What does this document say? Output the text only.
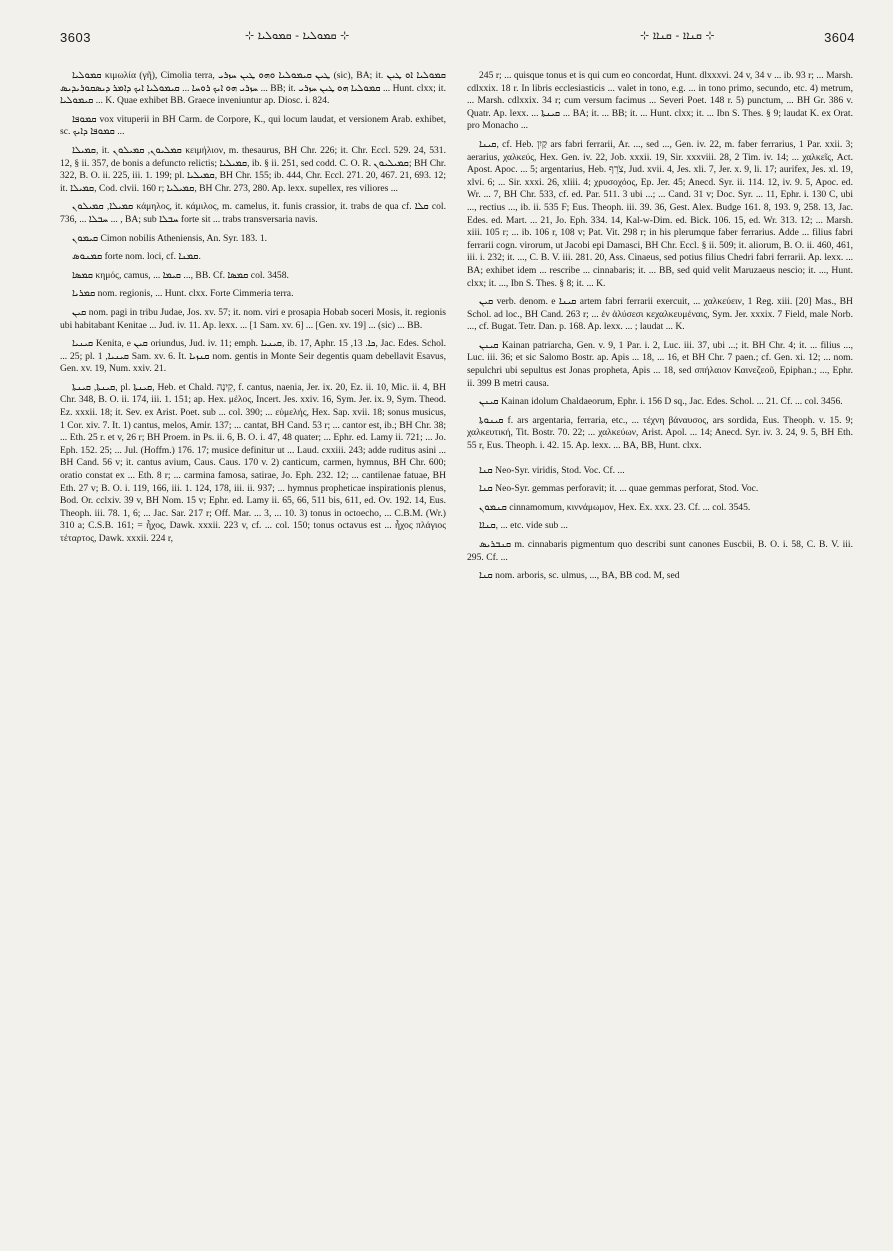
3603	⊹ ܩܡܘܠܝܐ - ܩܡܘܠܝܐ ⊹	⊹ ܩܢܐܐ - ܩܢܐܐ ⊹	3604

ܩܡܘܠܝܐ κιμωλία (γῆ), Cimolia terra, ܛܝܢ ܩܝܡܘܠܝܐ ܘܗܘ ܛܝܢ ܚܙܪܝ (sic), BA; it. ܩܡܘܠܝܐ ܐܘ ܛܝܢ ܚܙܪܝ ܗܘ ܐܝܟ ܪܘܚܐ ... ܩܝܡܘܠܝܐ ܐܝܟ ܕܐܡܪ ܕܝܣܩܘܪܝܕܝܣ ... BB; it. ܩܡܘܠܝܐ ܗܘ ܛܝܢ ܚܙܪܝ ... Hunt. clxx; it. ܩܝܡܘܠܝܐ ... K. Quae exhibet BB. Graece inveniuntur ap. Diosc. i. 824.

ܩܡܘܦܐ vox vituperii in BH Carm. de Corpore, K., qui locum laudat, et versionem Arab. exhibet, sc. ܩܡܘܦܐ ܕܐܝܟ ...

ܩܡܝܠܐ, it. ܩܡܠܝܘܢ, ܩܡܝܠܘܢ κειμήλιον, m. thesaurus, BH Chr. 226; it. Chr. Eccl. 529. 24, 531. 12, § ii. 357, de bonis a defuncto relictis; ܩܡܝܠܝܐ, ib. § ii. 251, sed codd. C. O. R. ܩܡܝܠܝܘܢ; BH Chr. 322, B. O. ii. 225, iii. 1. 199; pl. ܩܡܝܠܝܐ, BH Chr. 155; ib. 444, Chr. Eccl. 271. 20, 467. 21, 693. 12; it. ܩܡܝܠܐ, Cod. clvii. 160 r; ܩܡܝܠܝܐ, BH Chr. 273, 280. Ap. lexx. supellex, res viliores ...

ܩܡܝܠܐ, ܩܡܝܠܘܢ κάμηλος, it. κάμιλος, m. camelus, it. funis crassior, it. trabs de qua cf. ܩܠܐ col. 736, ... ܚܒܠܐ ... , BA; sub ܚܒܠܐ forte sit ... trabs transversaria navis.

ܩܝܡܘܢ Cimon nobilis Atheniensis, An. Syr. 183. 1.

ܩܡܢܘܣ forte nom. loci, cf. ܩܡܢܐ.

ܩܡܣܐ κημός, camus, ... ܩܝܡܐ ..., BB. Cf. ܩܡܣܐ col. 3458.

ܩܡܪܝܐ nom. regionis, ... Hunt. clxx. Forte Cimmeria terra.

ܩܝܢ nom. pagi in tribu Judae, Jos. xv. 57; it. nom. viri e prosapia Hobab soceri Mosis, it. regionis ubi habitabant Kenitae ... Jud. iv. 11. Ap. lexx. ... [1 Sam. xv. 6] ... [Gen. xv. 19] ... (sic) ... BB.

ܩܝܢܝܐ Kenita, e ܩܝܢ oriundus, Jud. iv. 11; emph. ܩܝܢܝܐ, ib. 17, Aphr. ܟܐ. 13, 15, Jac. Edes. Schol. ... 25; pl. ܩܝܢܝܐ, 1 Sam. xv. 6. It. ܩܢܙܝܐ nom. gentis in Monte Seir degentis quam debellavit Esavus, Gen. xv. 19, Num. xxiv. 21.

ܩܝܢܬܐ, ܩܝܢܬܐ, pl. ܩܝܢܬܐ, Heb. et Chald. קִינָה, f. cantus, naenia, Jer. ix. 20, Ez. ii. 10, Mic. ii. 4, BH Chr. 348, B. O. ii. 174, iii. 1. 151; ap. Hex. μέλος, Incert. Jes. xxiv. 16, Sym. Jer. ix. 9, Sym. Theod. Ez. xxxii. 18; it. Sev. ex Arist. Poet. sub ... col. 390; ... εὐμελής, Hex. Sap. xvii. 18; sonus musicus, 1 Cor. xiv. 7. It. 1) cantus, melos, Amir. 137; ... cantat, BH Cand. 53 r; ... cantor est, ib.; BH Chr. 38; ... Eth. 25 r. et v, 26 r; BH Proem. in Ps. ii. 6, B. O. i. 47, 48 quater; ... Ephr. ed. Lamy ii. 721; ... Jo. Eph. 152. 25; ... Jul. (Hoffm.) 176. 17; musice definitur ut ... Laud. cxxiii. 243; adde ruditus asini ... BH Cand. 56 v; it. cantus avium, Caus. Caus. 170 v. 2) canticum, carmen, hymnus, BH Chr. 600; oratio constat ex ... Eth. 8 r; ... carmina famosa, satirae, Jo. Eph. 232. 12; ... cantilenae fatuae, BH Eth. 27 v; B. O. i. 119, 166, iii. 1. 124, 178, iii. ii. 937; ... hymnus propheticae inspirationis plenus, Bod. Or. cclxiv. 39 v, BH Nom. 15 v; Ephr. ed. Lamy ii. 65, 66, 511 bis, 611, ed. Ov. 192. 14, Eus. Theoph. iii. 78. 1, 6; ... Jac. Sar. 217 r; Off. Mar. ... 3, ... 10. 3) tonus in octoecho, ... C.B.M. (Wr.) 310 a; C.S.B. 161; = ἦχος, Dawk. xxxii. 223 v, cf. ... col. 150; tonus octavus est ... ἦχος πλάγιος τέταρτος, Dawk. xxxii. 224 r,

245 r; ... quisque tonus et is qui cum eo concordat, Hunt. dlxxxvi. 24 v, 34 v ... ib. 93 r; ... Marsh. cdlxxix. 18 r. In libris ecclesiasticis ... valet in tono, e.g. ... in tono primo, secundo, etc. 4) metrum, ... Marsh. cdlxxix. 34 r; cum versum facimus ... Severi Poet. 148 r. 5) punctum, ... BH Gr. 386 v. Quatr. Ap. lexx. ... ܩܝܢܬܐ ... BA; it. ... BB; it. ... Hunt. clxx; it. ... Ibn S. Thes. § 9; laudat K. ex Orat. pro Monacho ...

ܩܝܢܐ, cf. Heb. קַיִן ars fabri ferrarii, Ar. ..., sed ..., Gen. iv. 22, m. faber ferrarius, 1 Par. xxii. 3; aerarius, χαλκεύς, Hex. Gen. iv. 22, Job. xxxii. 19, Sir. xxxviii. 28, 2 Tim. iv. 14; ... χαλκεῖς, Act. Apost. Apoc. ... 5; argentarius, Heb. צֹרֵף, Jud. xvii. 4, Jes. xli. 7, Jer. x. 9, li. 17; aurifex, Jes. xl. 19, xlvi. 6; ... Sir. xxxi. 26, xliii. 4; χρυσοχόος, Ep. Jer. 45; Anecd. Syr. ii. 114. 12, iv. 9. 5, Apoc. ed. Wr. ... 7, BH Chr. 533, cf. ed. Par. 511. 3 ubi ...; ... Cand. 31 v; Doc. Syr. ... 11, Ephr. i. 130 C, ubi ..., rectius ..., ib. ii. 535 F; Eus. Theoph. iii. 39. 36, Gest. Alex. Budge 161. 8, 193. 9, 258. 13, Jac. Edes. ed. Mart. ... 21, Jo. Eph. 334. 14, Kal-w-Dim. ed. Bick. 106. 15, ed. Wr. 313. 12; ... Marsh. xiii. 105 r; ... ib. 106 r, 108 v; Pat. Vit. 298 r; in his plerumque faber ferrarius. Adde ... filius fabri ferrarii cogn. virorum, ut Jacobi epi Damasci, BH Chr. Eccl. § ii. 509; it. aliorum, B. O. ii. 460, 461, iii. i. 232; it. ..., C. B. V. iii. 281. 20, Ass. Cinaeus, sed potius filius Chedri fabri ferrarii. Ap. lexx. ... BA; exhibet idem ... rescribe ... cinnabaris; it. ... BB, sed quid velit Maruzaeus nescio; it. ..., Hunt. clxx; it. ..., Ibn S. Thes. § 8; it. ... K.

ܩܝܢ verb. denom. e ܩܝܢܐ artem fabri ferrarii exercuit, ... χαλκεύειν, 1 Reg. xiii. [20] Mas., BH Schol. ad loc., BH Cand. 263 r; ... ἐν ἀλύσεσι κεχαλκευμέναις, Sym. Jer. xxxix. 7 Field, male Norb. ..., cf. Bugat. Tetr. Dan. p. 168. Ap. lexx. ... ; laudat ... K.

ܩܝܢܢ Kainan patriarcha, Gen. v. 9, 1 Par. i. 2, Luc. iii. 37, ubi ...; it. BH Chr. 4; it. ... filius ..., Luc. iii. 36; et sic Salomo Bostr. ap. Apis ... 18, ... 16, et BH Chr. 7 paen.; cf. Gen. xi. 12; ... nom. sepulchri ubi sepultus est Jonas propheta, Apis ... 18, sed σπήλαιον Καινεζεοῦ, Epiphan.; ..., Ephr. ii. 399 B metri causa.

ܩܝܢܢ Kainan idolum Chaldaeorum, Ephr. i. 156 D sq., Jac. Edes. Schol. ... 21. Cf. ... col. 3456.

ܩܝܢܘܬܐ f. ars argentaria, ferraria, etc., ... τέχνη βάναυσος, ars sordida, Eus. Theoph. v. 15. 9; χαλκευτική, Tit. Bostr. 70. 22; ... χαλκεύων, Arist. Apol. ... 14; Anecd. Syr. iv. 3. 24, 9. 5, BH Eth. 55 r, Eus. Theoph. i. 42. 15. Ap. lexx. ... BA, BB, Hunt. clxx.

ܩܢܐ Neo-Syr. viridis, Stod. Voc. Cf. ...

ܩܢܐ Neo-Syr. gemmas perforavit; it. ... quae gemmas perforat, Stod. Voc.

ܩܢܡܘܢ cinnamomum, κιννάμωμον, Hex. Ex. xxx. 23. Cf. ... col. 3545.

ܩܢܐܐ, ... etc. vide sub ...

ܩܢܒܪܝܣ m. cinnabaris pigmentum quo describi sunt canones Euscbii, B. O. i. 58, C. B. V. iii. 295. Cf. ...

ܩܢܐ nom. arboris, sc. ulmus, ..., BA, BB cod. M, sed
